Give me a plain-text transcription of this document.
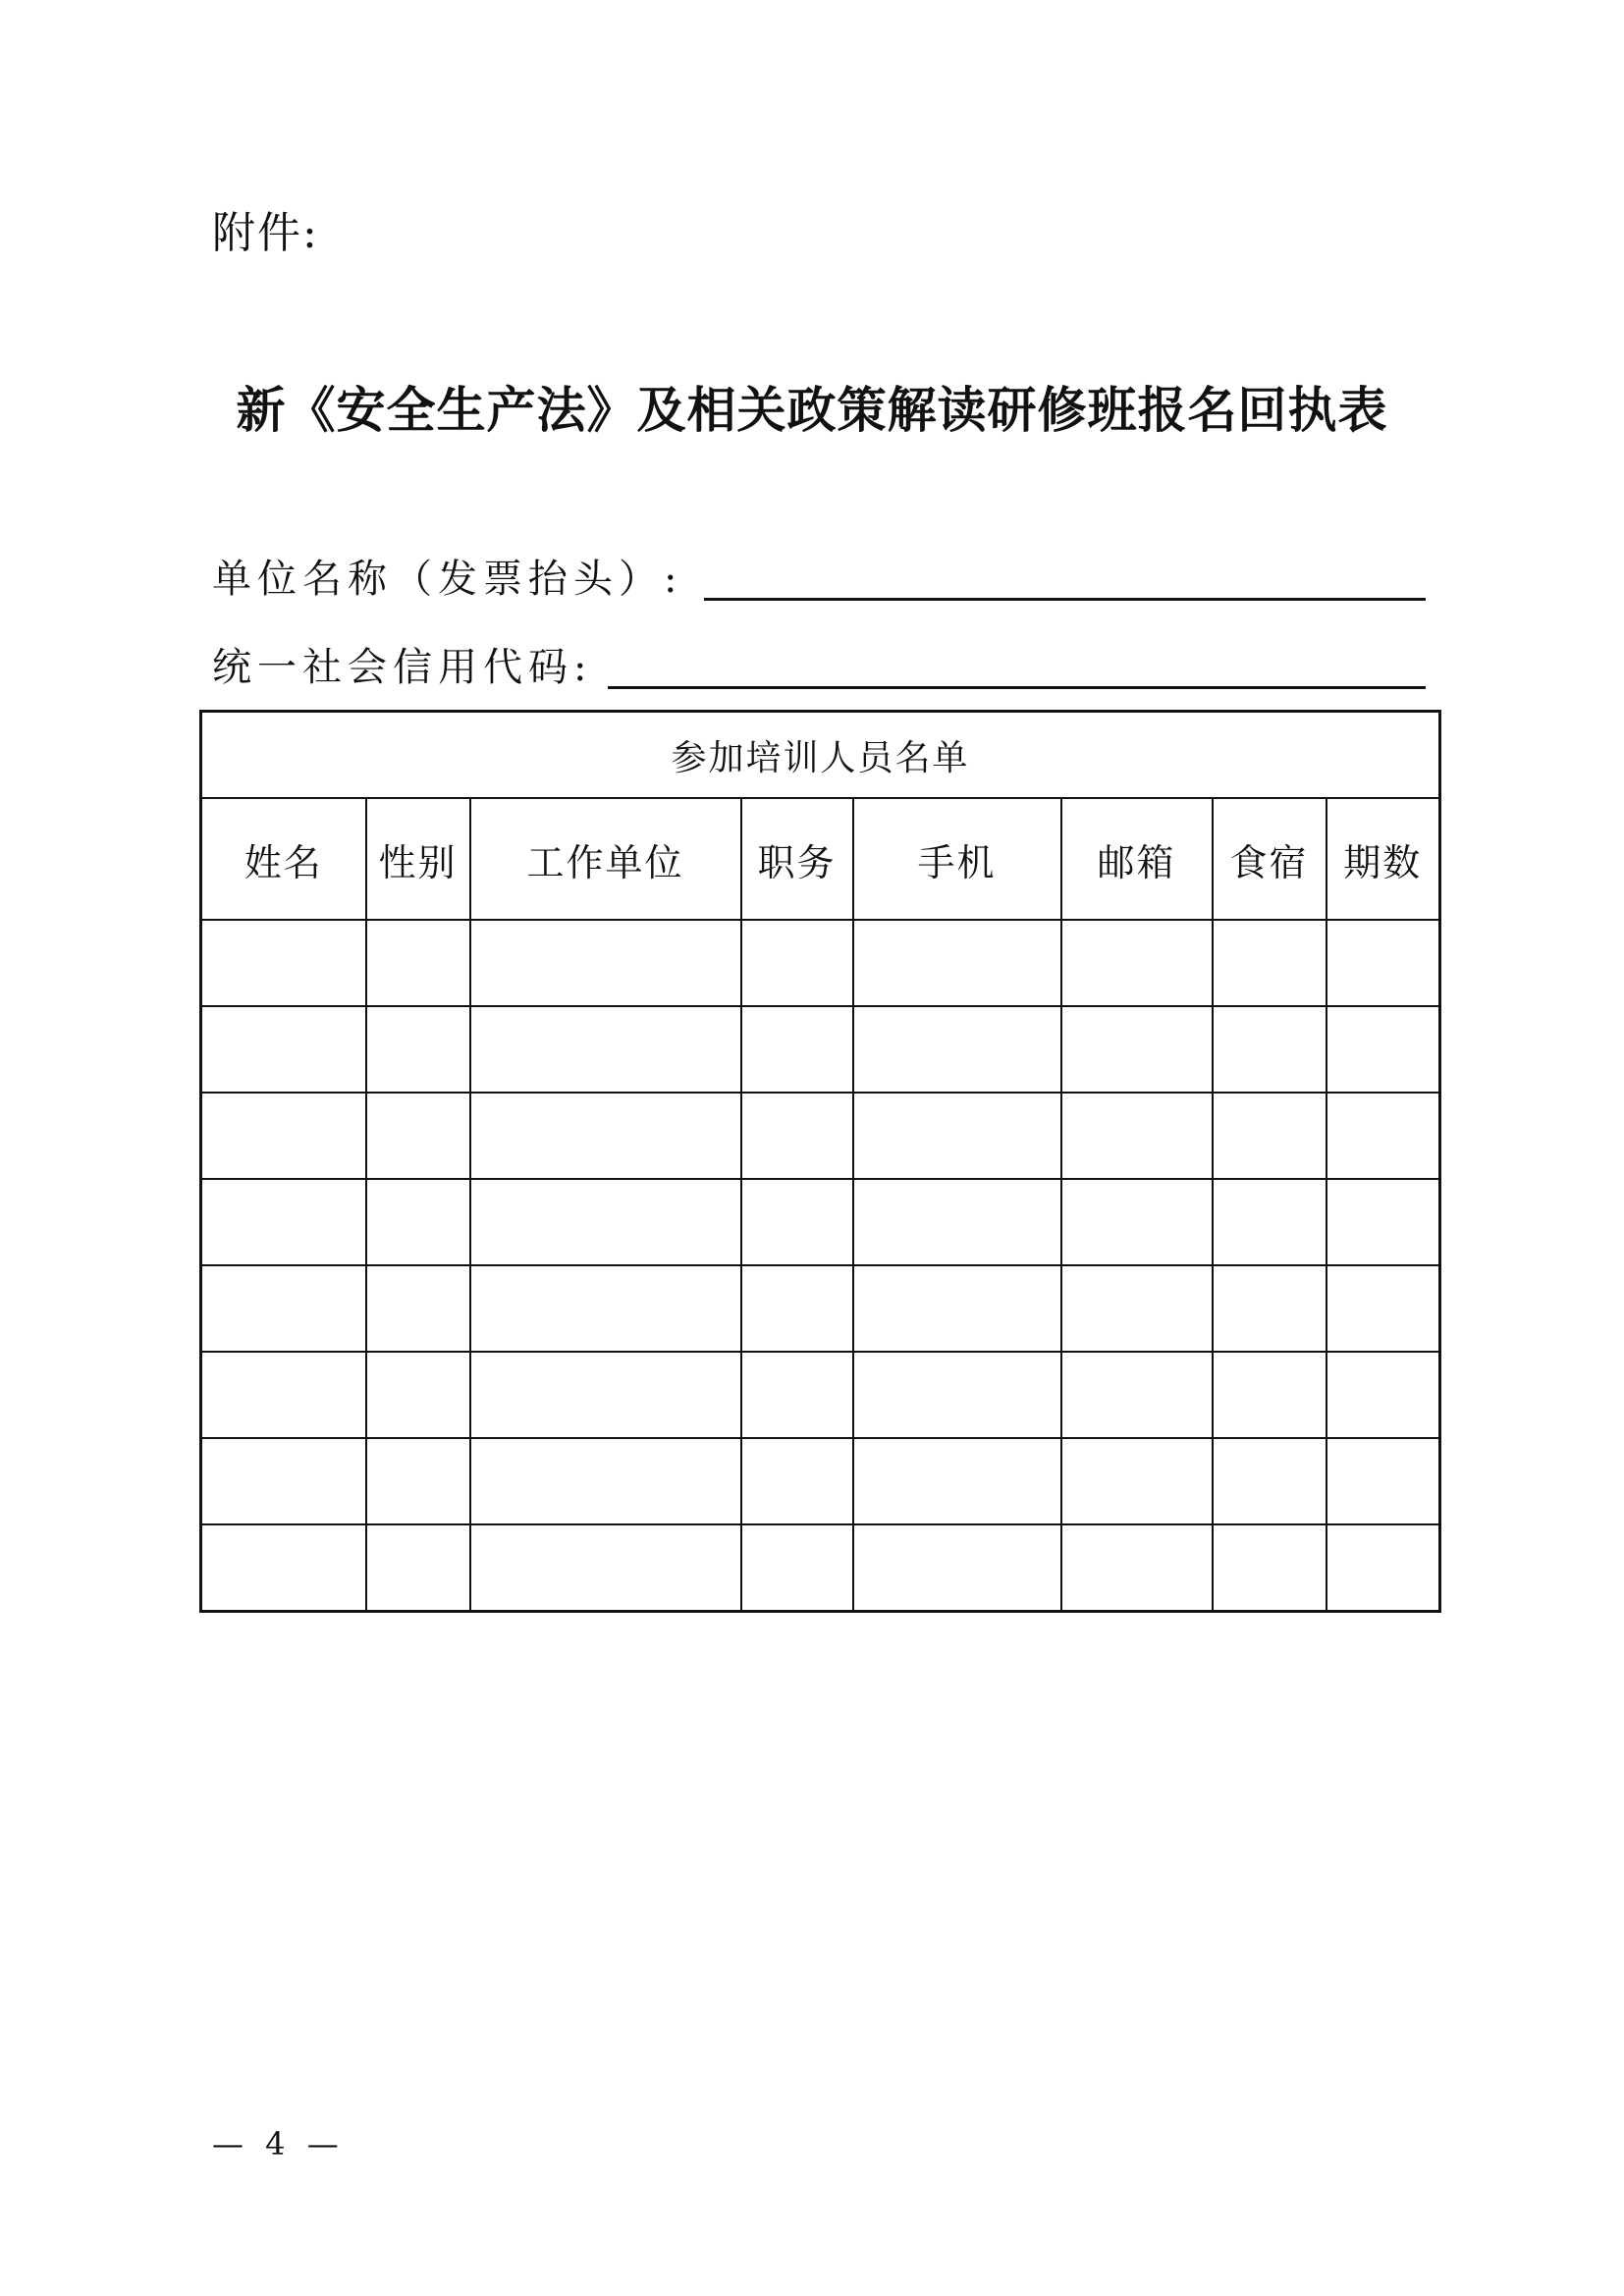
附件:
新《安全生产法》及相关政策解读研修班报名回执表
单位名称（发票抬头）:
统一社会信用代码:
参加培训人员名单							
姓名	性别	工作单位	职务	手机	邮箱	食宿	期数

— 4 —
